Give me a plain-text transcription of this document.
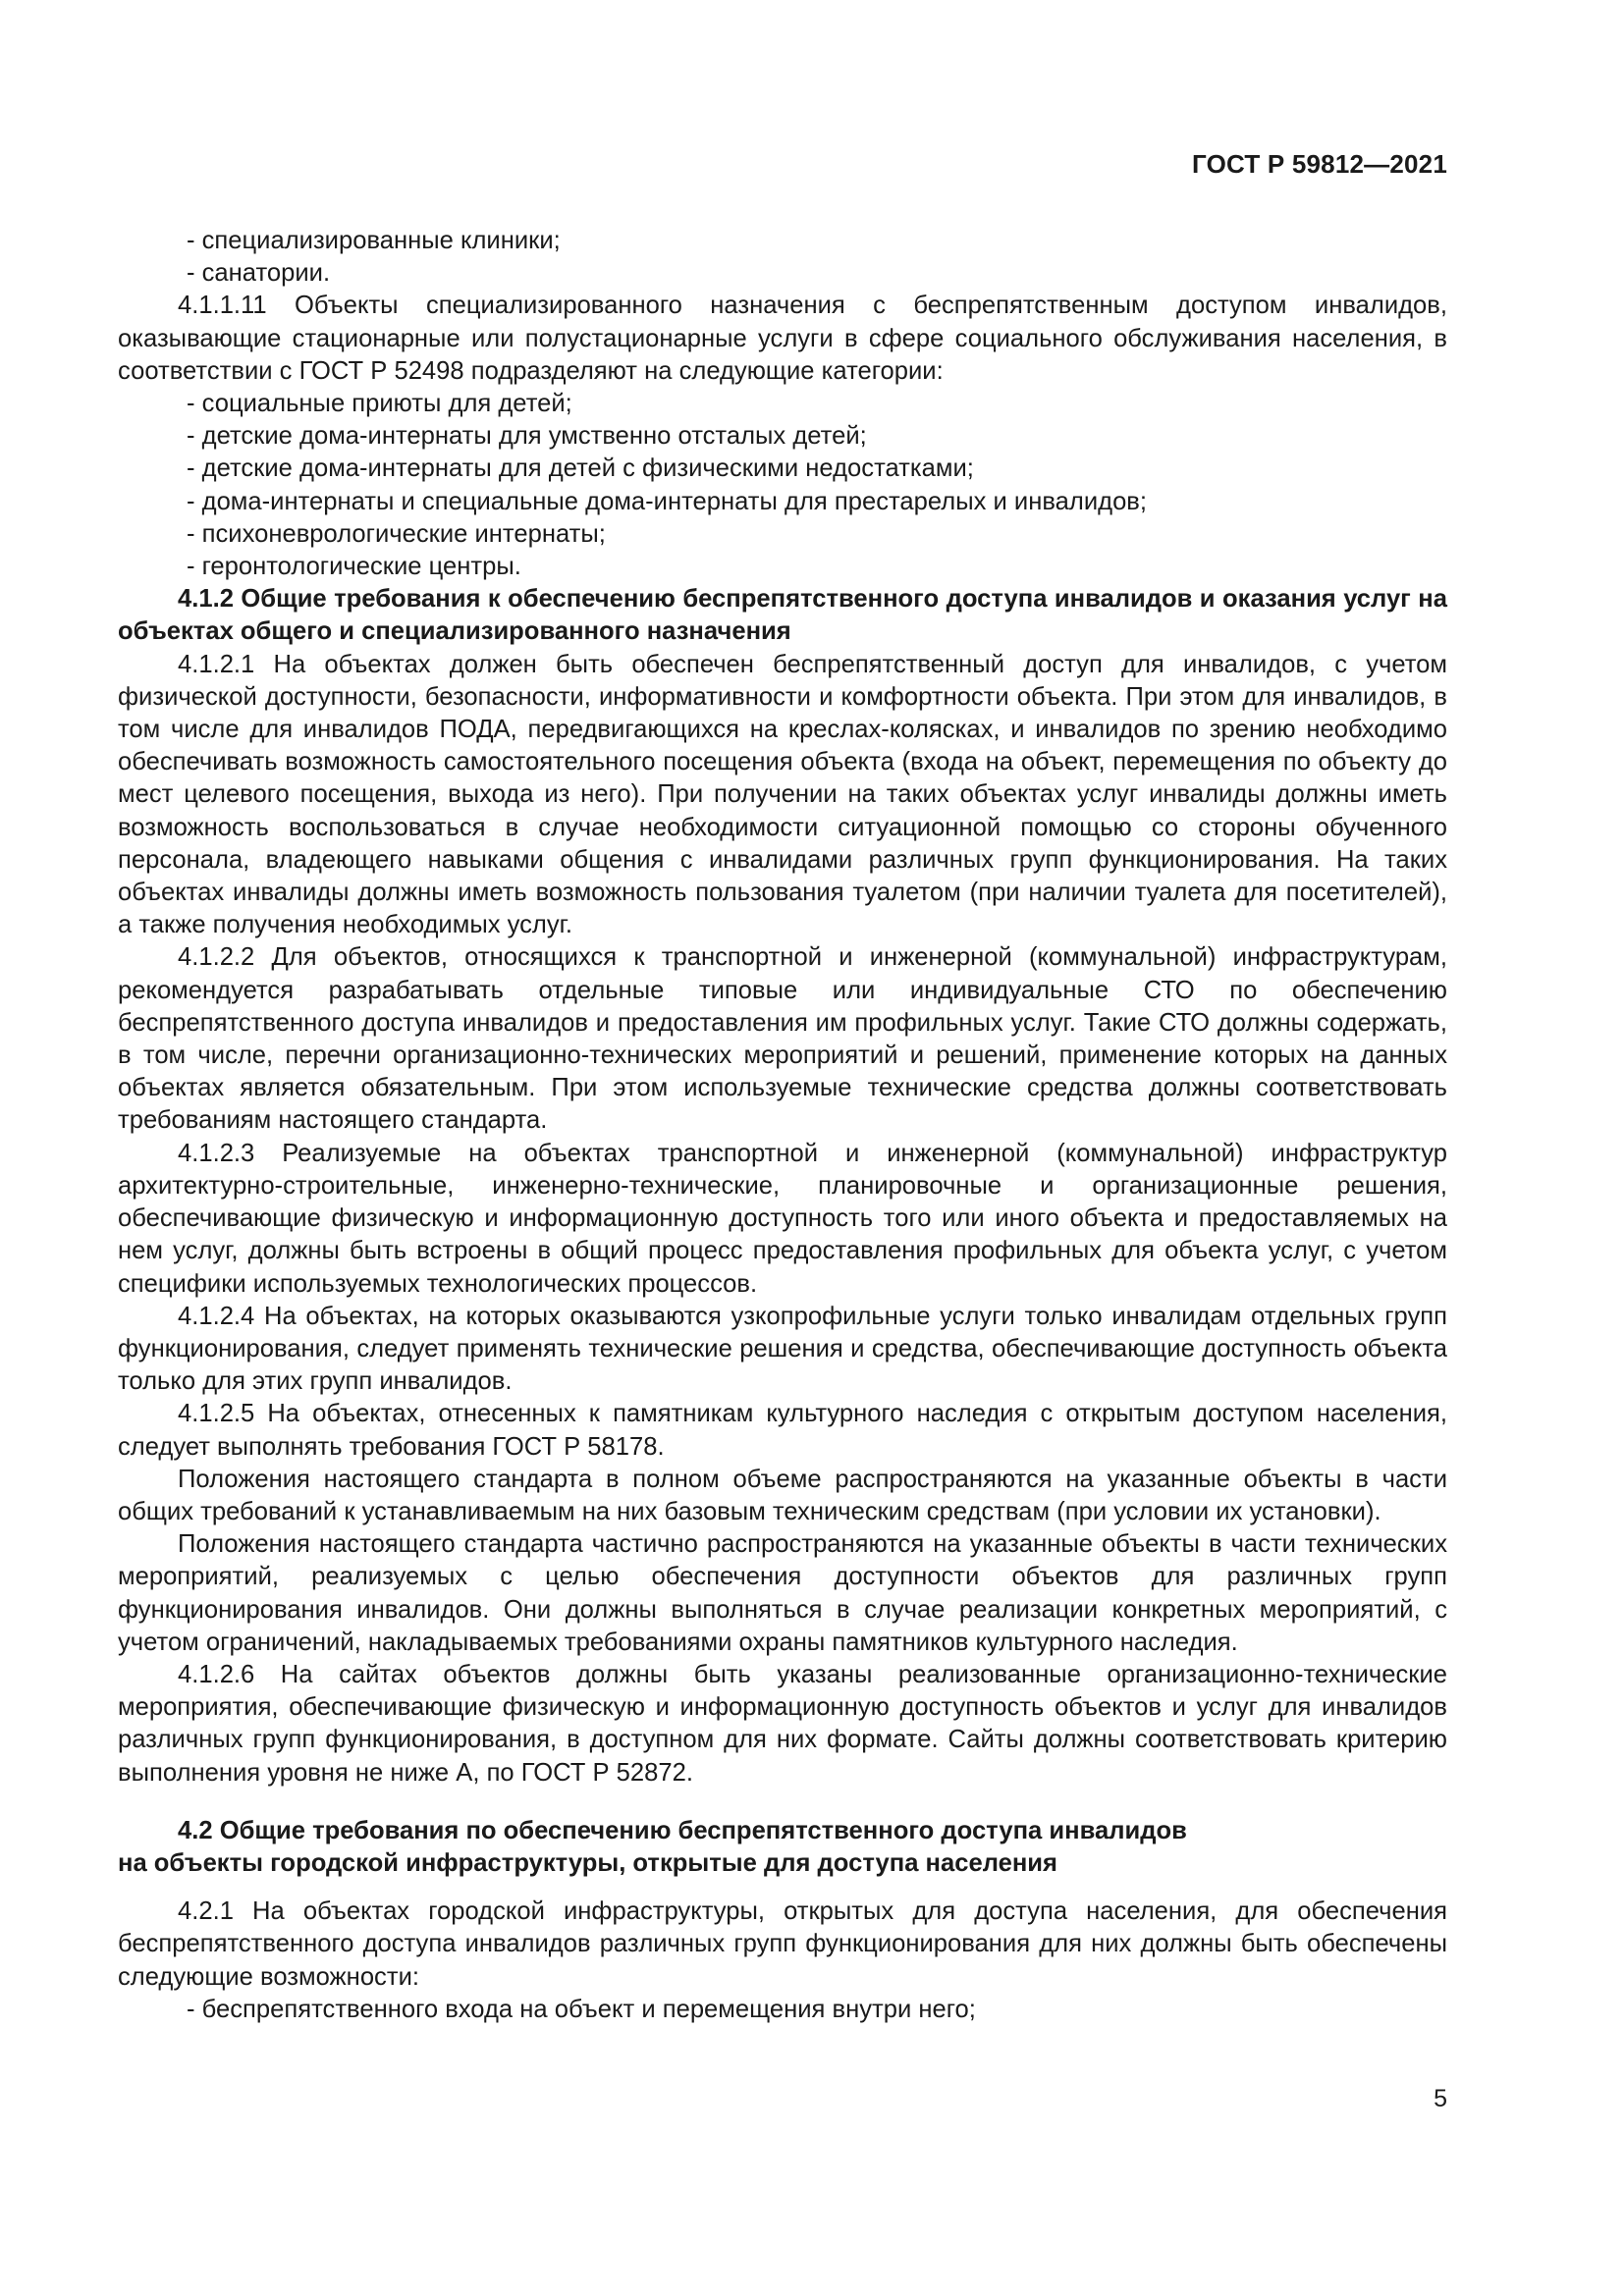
ГОСТ Р 59812—2021

- специализированные клиники;

- санатории.

4.1.1.11 Объекты специализированного назначения с беспрепятственным доступом инвалидов, оказывающие стационарные или полустационарные услуги в сфере социального обслуживания населения, в соответствии с ГОСТ Р 52498 подразделяют на следующие категории:

- социальные приюты для детей;

- детские дома-интернаты для умственно отсталых детей;

- детские дома-интернаты для детей с физическими недостатками;

- дома-интернаты и специальные дома-интернаты для престарелых и инвалидов;

- психоневрологические интернаты;

- геронтологические центры.

4.1.2 Общие требования к обеспечению беспрепятственного доступа инвалидов и оказания услуг на объектах общего и специализированного назначения

4.1.2.1 На объектах должен быть обеспечен беспрепятственный доступ для инвалидов, с учетом физической доступности, безопасности, информативности и комфортности объекта. При этом для инвалидов, в том числе для инвалидов ПОДА, передвигающихся на креслах-колясках, и инвалидов по зрению необходимо обеспечивать возможность самостоятельного посещения объекта (входа на объект, перемещения по объекту до мест целевого посещения, выхода из него). При получении на таких объектах услуг инвалиды должны иметь возможность воспользоваться в случае необходимости ситуационной помощью со стороны обученного персонала, владеющего навыками общения с инвалидами различных групп функционирования. На таких объектах инвалиды должны иметь возможность пользования туалетом (при наличии туалета для посетителей), а также получения необходимых услуг.

4.1.2.2 Для объектов, относящихся к транспортной и инженерной (коммунальной) инфраструктурам, рекомендуется разрабатывать отдельные типовые или индивидуальные СТО по обеспечению беспрепятственного доступа инвалидов и предоставления им профильных услуг. Такие СТО должны содержать, в том числе, перечни организационно-технических мероприятий и решений, применение которых на данных объектах является обязательным. При этом используемые технические средства должны соответствовать требованиям настоящего стандарта.

4.1.2.3 Реализуемые на объектах транспортной и инженерной (коммунальной) инфраструктур архитектурно-строительные, инженерно-технические, планировочные и организационные решения, обеспечивающие физическую и информационную доступность того или иного объекта и предоставляемых на нем услуг, должны быть встроены в общий процесс предоставления профильных для объекта услуг, с учетом специфики используемых технологических процессов.

4.1.2.4 На объектах, на которых оказываются узкопрофильные услуги только инвалидам отдельных групп функционирования, следует применять технические решения и средства, обеспечивающие доступность объекта только для этих групп инвалидов.

4.1.2.5 На объектах, отнесенных к памятникам культурного наследия с открытым доступом населения, следует выполнять требования ГОСТ Р 58178.

Положения настоящего стандарта в полном объеме распространяются на указанные объекты в части общих требований к устанавливаемым на них базовым техническим средствам (при условии их установки).

Положения настоящего стандарта частично распространяются на указанные объекты в части технических мероприятий, реализуемых с целью обеспечения доступности объектов для различных групп функционирования инвалидов. Они должны выполняться в случае реализации конкретных мероприятий, с учетом ограничений, накладываемых требованиями охраны памятников культурного наследия.

4.1.2.6 На сайтах объектов должны быть указаны реализованные организационно-технические мероприятия, обеспечивающие физическую и информационную доступность объектов и услуг для инвалидов различных групп функционирования, в доступном для них формате. Сайты должны соответствовать критерию выполнения уровня не ниже А, по ГОСТ Р 52872.

4.2 Общие требования по обеспечению беспрепятственного доступа инвалидов
на объекты городской инфраструктуры, открытые для доступа населения

4.2.1 На объектах городской инфраструктуры, открытых для доступа населения, для обеспечения беспрепятственного доступа инвалидов различных групп функционирования для них должны быть обеспечены следующие возможности:

- беспрепятственного входа на объект и перемещения внутри него;

5
